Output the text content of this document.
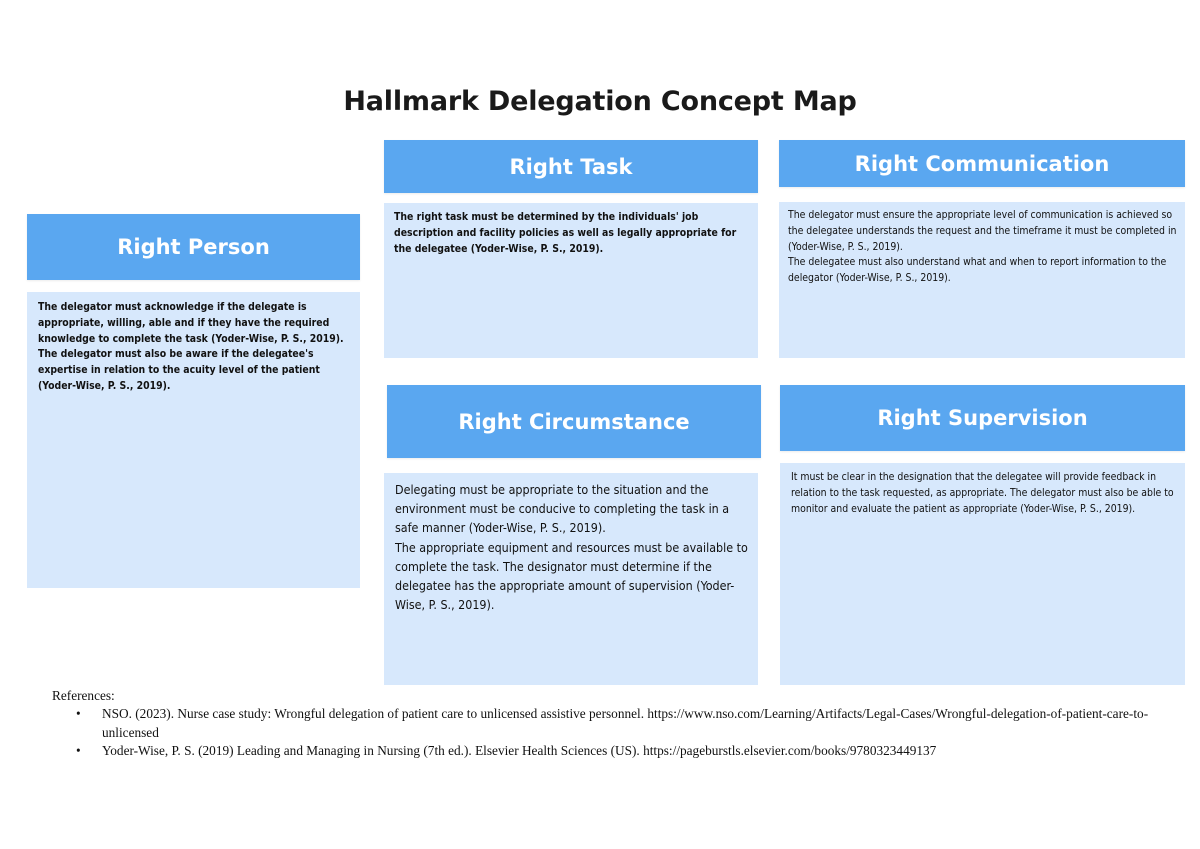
Hallmark Delegation Concept Map
Right Person

The delegator must acknowledge if the delegate is appropriate, willing, able and if they have the required knowledge to complete the task (Yoder-Wise, P. S., 2019).

The delegator must also be aware if the delegatee's expertise in relation to the acuity level of the patient (Yoder-Wise, P. S., 2019).

Right Task

The right task must be determined by the individuals' job description and facility policies as well as legally appropriate for the delegatee (Yoder-Wise, P. S., 2019).

Right Communication

The delegator must ensure the appropriate level of communication is achieved so the delegatee understands the request and the timeframe it must be completed in (Yoder-Wise, P. S., 2019).

The delegatee must also understand what and when to report information to the delegator (Yoder-Wise, P. S., 2019).

Right Circumstance

Delegating must be appropriate to the situation and the environment must be conducive to completing the task in a safe manner (Yoder-Wise, P. S., 2019).

The appropriate equipment and resources must be available to complete the task. The designator must determine if the delegatee has the appropriate amount of supervision (Yoder-Wise, P. S., 2019).

Right Supervision

It must be clear in the designation that the delegatee will provide feedback in relation to the task requested, as appropriate. The delegator must also be able to monitor and evaluate the patient as appropriate (Yoder-Wise, P. S., 2019).

References:
• NSO. (2023). Nurse case study: Wrongful delegation of patient care to unlicensed assistive personnel. https://www.nso.com/Learning/Artifacts/Legal-Cases/Wrongful-delegation-of-patient-care-to-unlicensed
• Yoder-Wise, P. S. (2019) Leading and Managing in Nursing (7th ed.). Elsevier Health Sciences (US). https://pageburstls.elsevier.com/books/9780323449137
